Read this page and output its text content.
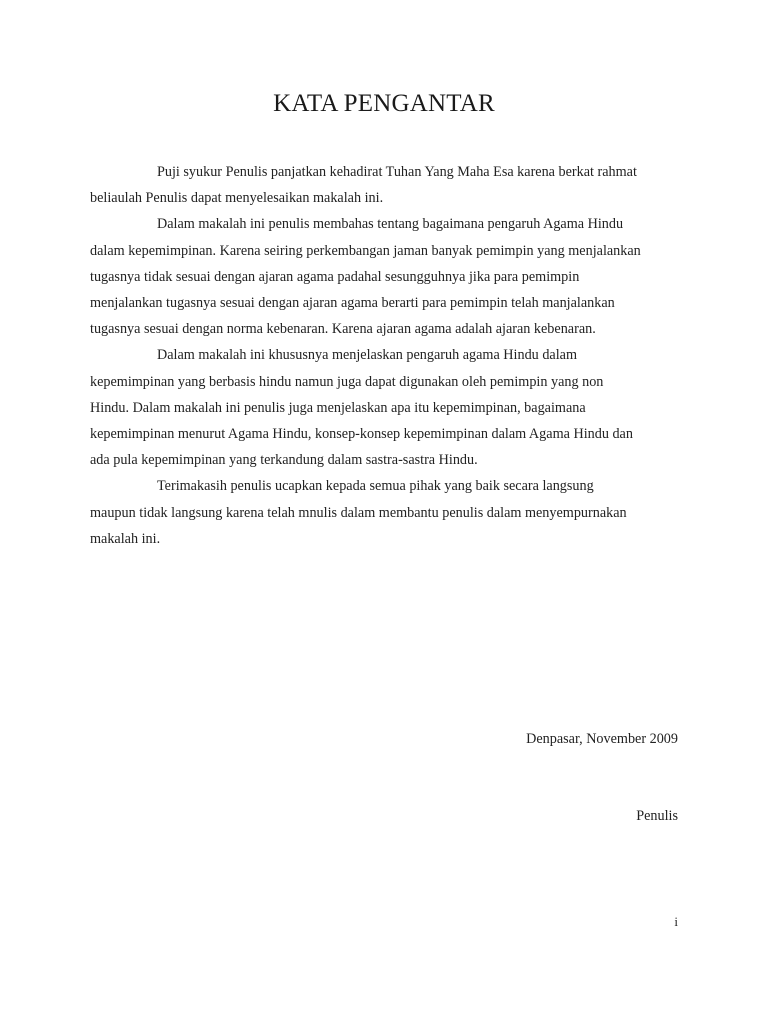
KATA PENGANTAR
Puji syukur Penulis panjatkan kehadirat Tuhan Yang Maha Esa karena berkat rahmat
beliaulah Penulis dapat menyelesaikan makalah ini.
Dalam makalah ini penulis membahas tentang bagaimana pengaruh Agama Hindu
dalam kepemimpinan. Karena seiring perkembangan jaman banyak pemimpin yang menjalankan
tugasnya tidak sesuai dengan ajaran agama padahal sesungguhnya jika para pemimpin
menjalankan tugasnya sesuai dengan ajaran agama berarti para pemimpin telah manjalankan
tugasnya sesuai dengan norma kebenaran. Karena ajaran agama adalah ajaran kebenaran.
Dalam makalah ini khususnya menjelaskan pengaruh agama Hindu dalam
kepemimpinan yang berbasis hindu namun juga dapat digunakan oleh pemimpin yang non
Hindu. Dalam makalah ini penulis juga menjelaskan apa itu kepemimpinan, bagaimana
kepemimpinan menurut Agama Hindu, konsep-konsep kepemimpinan dalam Agama Hindu dan
ada pula kepemimpinan yang terkandung dalam sastra-sastra Hindu.
Terimakasih penulis ucapkan kepada semua pihak yang baik secara langsung
maupun tidak langsung karena telah mnulis dalam membantu penulis dalam menyempurnakan
makalah ini.
Denpasar, November 2009
Penulis
i
